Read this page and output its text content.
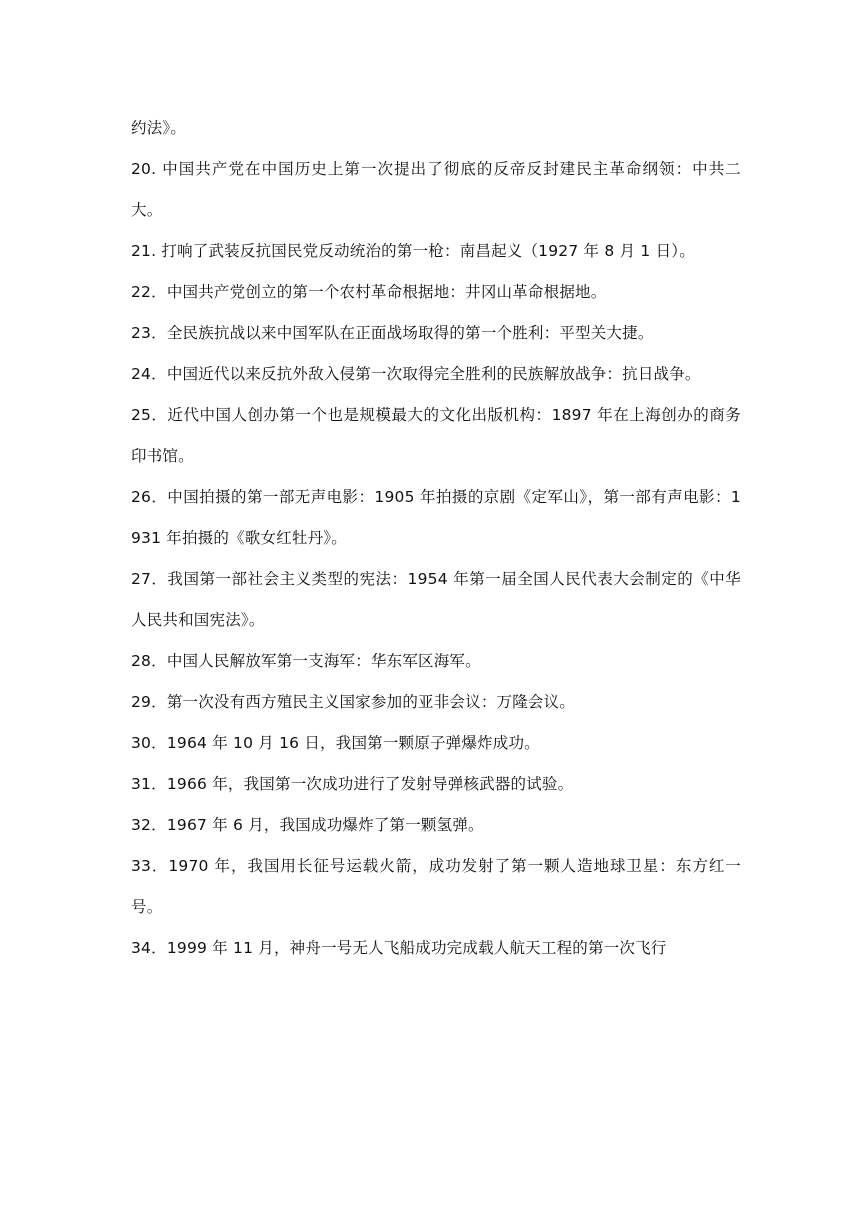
约法》。

20. 中国共产党在中国历史上第一次提出了彻底的反帝反封建民主革命纲领：中共二大。

21. 打响了武装反抗国民党反动统治的第一枪：南昌起义（1927 年 8 月 1 日）。

22．中国共产党创立的第一个农村革命根据地：井冈山革命根据地。

23．全民族抗战以来中国军队在正面战场取得的第一个胜利：平型关大捷。

24．中国近代以来反抗外敌入侵第一次取得完全胜利的民族解放战争：抗日战争。

25．近代中国人创办第一个也是规模最大的文化出版机构：1897 年在上海创办的商务印书馆。

26．中国拍摄的第一部无声电影：1905 年拍摄的京剧《定军山》，第一部有声电影：1931 年拍摄的《歌女红牡丹》。

27．我国第一部社会主义类型的宪法：1954 年第一届全国人民代表大会制定的《中华人民共和国宪法》。

28．中国人民解放军第一支海军：华东军区海军。

29．第一次没有西方殖民主义国家参加的亚非会议：万隆会议。

30．1964 年 10 月 16 日，我国第一颗原子弹爆炸成功。

31．1966 年，我国第一次成功进行了发射导弹核武器的试验。

32．1967 年 6 月，我国成功爆炸了第一颗氢弹。

33．1970 年，我国用长征号运载火箭，成功发射了第一颗人造地球卫星：东方红一号。

34．1999 年 11 月，神舟一号无人飞船成功完成载人航天工程的第一次飞行
